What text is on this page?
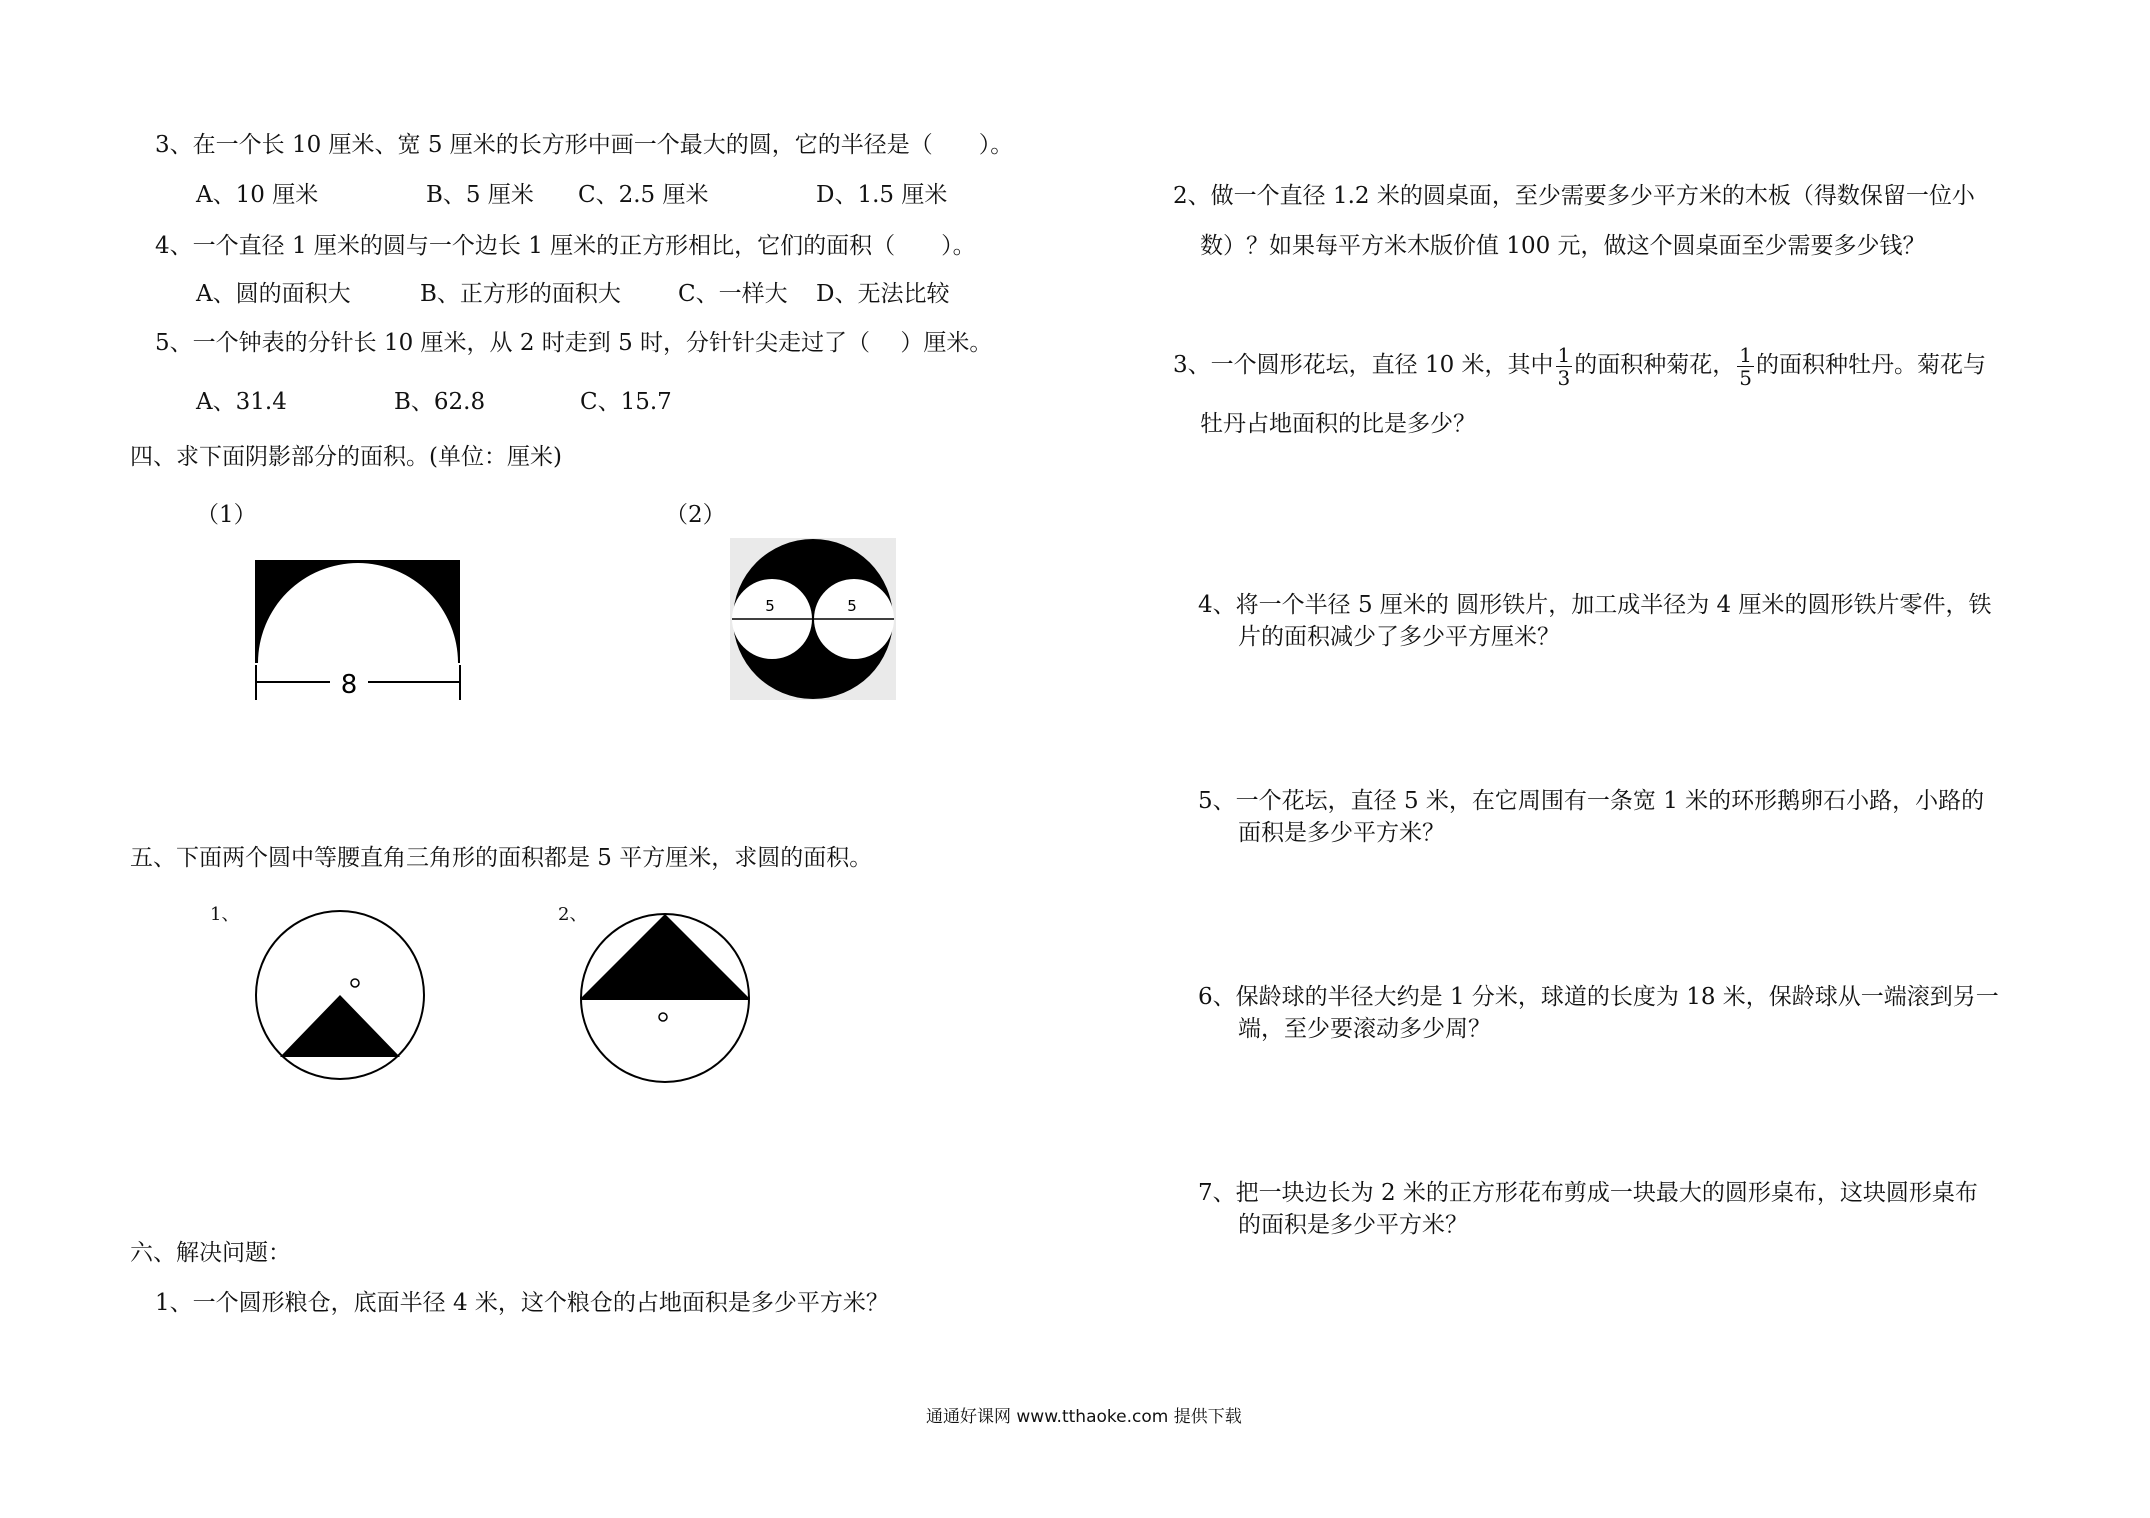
3、在一个长 10 厘米、宽 5 厘米的长方形中画一个最大的圆，它的半径是（　　）。
A、10 厘米	B、5 厘米 C、2.5 厘米	D、1.5 厘米
4、一个直径 1 厘米的圆与一个边长 1 厘米的正方形相比，它们的面积（　　）。
A、圆的面积大	B、正方形的面积大 C、一样大 D、无法比较
5、一个钟表的分针长 10 厘米，从 2 时走到 5 时，分针针尖走过了（　 ）厘米。
A、31.4	B、62.8	C、15.7
四、求下面阴影部分的面积。(单位：厘米)
（1）	（2）
8
5	5
五、下面两个圆中等腰直角三角形的面积都是 5 平方厘米，求圆的面积。
1、	2、
六、解决问题：
1、一个圆形粮仓，底面半径 4 米，这个粮仓的占地面积是多少平方米？
2、做一个直径 1.2 米的圆桌面，至少需要多少平方米的木板（得数保留一位小
数）？如果每平方米木版价值 100 元，做这个圆桌面至少需要多少钱？
3、一个圆形花坛，直径 10 米，其中 $\frac{1}{3}$ 的面积种菊花， $\frac{1}{5}$ 的面积种牡丹。菊花与
牡丹占地面积的比是多少？
4、将一个半径 5 厘米的 圆形铁片，加工成半径为 4 厘米的圆形铁片零件，铁
片的面积减少了多少平方厘米？
5、一个花坛，直径 5 米，在它周围有一条宽 1 米的环形鹅卵石小路，小路的
面积是多少平方米？
6、保龄球的半径大约是 1 分米，球道的长度为 18 米，保龄球从一端滚到另一
端，至少要滚动多少周？
7、把一块边长为 2 米的正方形花布剪成一块最大的圆形桌布，这块圆形桌布
的面积是多少平方米？
通通好课网 www.tthaoke.com 提供下载
